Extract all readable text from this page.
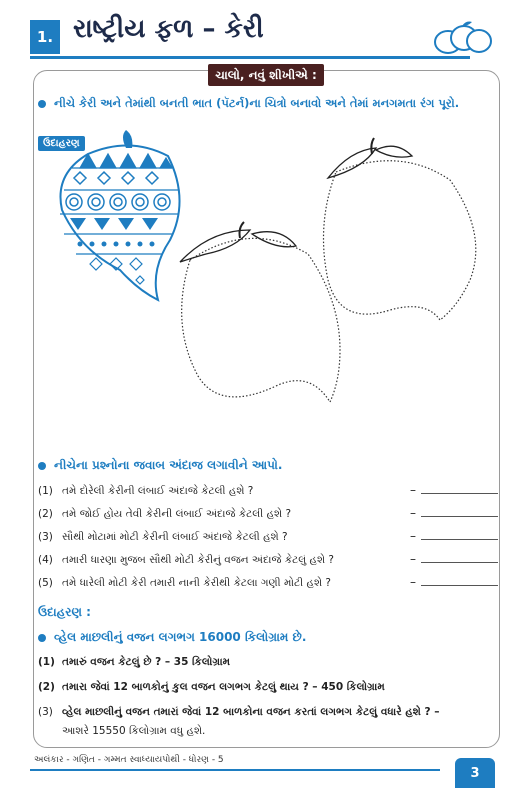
1. રાષ્ટ્રીય ફળ – કેરી
ચાલો, નવું શીખીએ :
નીચે કેરી અને તેમાંથી બનતી ભાત (પૅટર્ન)ના ચિત્રો બનાવો અને તેમાં મનગમતા રંગ પૂરો.
ઉદાહરણ
નીચેના પ્રશ્નોના જવાબ અંદાજ લગાવીને આપો.
(1) તમે દોરેલી કેરીની લંબાઈ અંદાજે કેટલી હશે ?	–
(2) તમે જોઈ હોય તેવી કેરીની લંબાઈ અંદાજે કેટલી હશે ?	–
(3) સૌથી મોટામાં મોટી કેરીની લંબાઈ અંદાજે કેટલી હશે ?	–
(4) તમારી ધારણા મુજબ સૌથી મોટી કેરીનું વજન અંદાજે કેટલું હશે ?	–
(5) તમે ધારેલી મોટી કેરી તમારી નાની કેરીથી કેટલા ગણી મોટી હશે ?	–
ઉદાહરણ :
વ્હેલ માછલીનું વજન લગભગ 16000 કિલોગ્રામ છે.
(1) તમારું વજન કેટલું છે ? – 35 કિલોગ્રામ
(2) તમારા જેવાં 12 બાળકોનું કુલ વજન લગભગ કેટલું થાય ? – 450 કિલોગ્રામ
(3) વ્હેલ માછલીનું વજન તમારાં જેવાં 12 બાળકોના વજન કરતાં લગભગ કેટલું વધારે હશે ? –
આશરે 15550 કિલોગ્રામ વધુ હશે.
અલંકાર - ગણિત - ગમ્મત સ્વાધ્યાયપોથી - ધોરણ - 5
3
